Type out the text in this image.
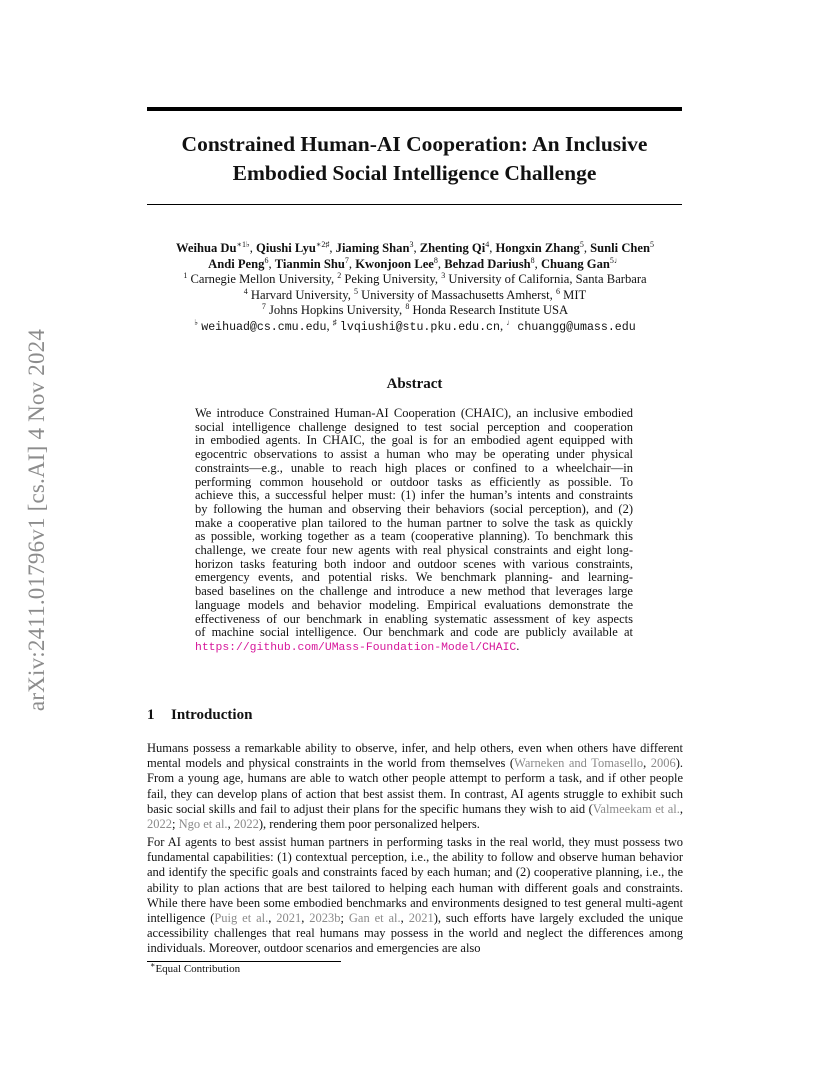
arXiv:2411.01796v1 [cs.AI] 4 Nov 2024
Constrained Human-AI Cooperation: An Inclusive
Embodied Social Intelligence Challenge
Weihua $Du^{∗1♭}$, Qiushi Lyu$^{∗2♯}$, Jiaming Shan$^3$, Zhenting Qi$^4$, Hongxin Zhang$^5$, Sunli Chen$^5$
Andi Peng$^6$, Tianmin Shu$^7$, Kwonjoon Lee$^8$, Behzad Dariush$^8$, Chuang Gan$^{5♩}$
$^1$ Carnegie Mellon University, $^2$ Peking University, $^3$ University of California, Santa Barbara
$^4$ Harvard University, $^5$ University of Massachusetts Amherst, $^6$ MIT
$^7$ Johns Hopkins University, $^8$ Honda Research Institute USA
♭ weihuad@cs.cmu.edu, ♯ lvqiushi@stu.pku.edu.cn, ♩ chuangg@umass.edu
Abstract
We introduce Constrained Human-AI Cooperation (CHAIC), an inclusive embodied
social intelligence challenge designed to test social perception and cooperation
in embodied agents. In CHAIC, the goal is for an embodied agent equipped with
egocentric observations to assist a human who may be operating under physical
constraints—e.g., unable to reach high places or confined to a wheelchair—in
performing common household or outdoor tasks as efficiently as possible. To
achieve this, a successful helper must: (1) infer the human’s intents and constraints
by following the human and observing their behaviors (social perception), and (2)
make a cooperative plan tailored to the human partner to solve the task as quickly
as possible, working together as a team (cooperative planning). To benchmark this
challenge, we create four new agents with real physical constraints and eight long-
horizon tasks featuring both indoor and outdoor scenes with various constraints,
emergency events, and potential risks. We benchmark planning- and learning-
based baselines on the challenge and introduce a new method that leverages large
language models and behavior modeling. Empirical evaluations demonstrate the
effectiveness of our benchmark in enabling systematic assessment of key aspects
of machine social intelligence. Our benchmark and code are publicly available at
https://github.com/UMass-Foundation-Model/CHAIC.
1 Introduction
Humans possess a remarkable ability to observe, infer, and help others, even when others have different mental models and physical constraints in the world from themselves (Warneken and Tomasello, 2006). From a young age, humans are able to watch other people attempt to perform a task, and if other people fail, they can develop plans of action that best assist them. In contrast, AI agents struggle to exhibit such basic social skills and fail to adjust their plans for the specific humans they wish to aid (Valmeekam et al., 2022; Ngo et al., 2022), rendering them poor personalized helpers.
For AI agents to best assist human partners in performing tasks in the real world, they must possess two fundamental capabilities: (1) contextual perception, i.e., the ability to follow and observe human behavior and identify the specific goals and constraints faced by each human; and (2) cooperative planning, i.e., the ability to plan actions that are best tailored to helping each human with different goals and constraints. While there have been some embodied benchmarks and environments designed to test general multi-agent intelligence (Puig et al., 2021, 2023b; Gan et al., 2021), such efforts have largely excluded the unique accessibility challenges that real humans may possess in the world and neglect the differences among individuals. Moreover, outdoor scenarios and emergencies are also
∗Equal Contribution
